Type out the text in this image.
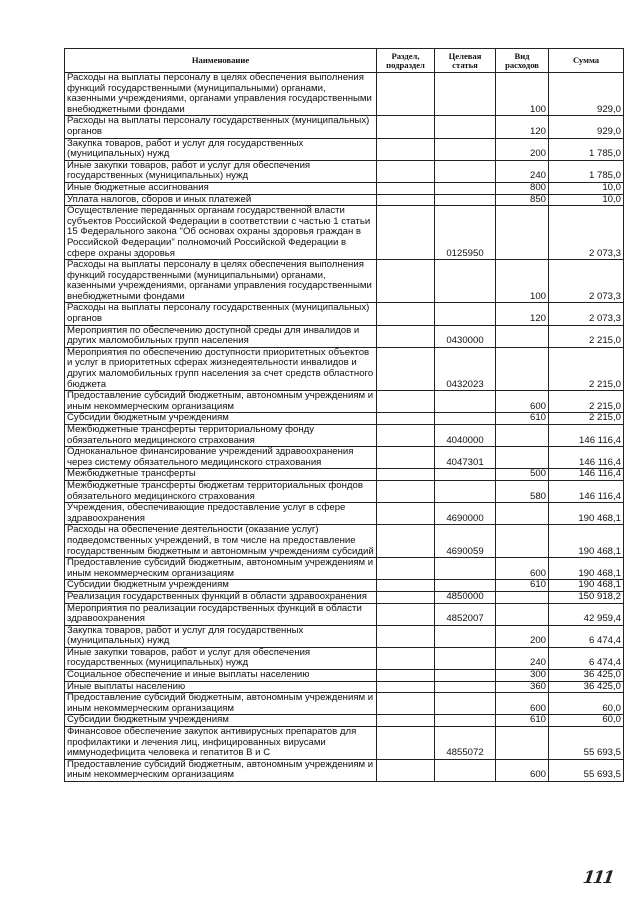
Наименование	Раздел, подраздел	Целевая статья	Вид расходов	Сумма
Расходы на выплаты персоналу в целях обеспечения выполнения функций государственными (муниципальными) органами, казенными учреждениями, органами управления государственными внебюджетными фондами			100	929,0
Расходы на выплаты персоналу государственных (муниципальных) органов			120	929,0
Закупка товаров, работ и услуг для государственных (муниципальных) нужд			200	1 785,0
Иные закупки товаров, работ и услуг для обеспечения государственных (муниципальных) нужд			240	1 785,0
Иные бюджетные ассигнования			800	10,0
Уплата налогов, сборов и иных платежей			850	10,0
Осуществление переданных органам государственной власти субъектов Российской Федерации в соответствии с частью 1 статьи 15 Федерального закона "Об основах охраны здоровья граждан в Российской Федерации" полномочий Российской Федерации в сфере охраны здоровья		0125950		2 073,3
Расходы на выплаты персоналу в целях обеспечения выполнения функций государственными (муниципальными) органами, казенными учреждениями, органами управления государственными внебюджетными фондами			100	2 073,3
Расходы на выплаты персоналу государственных (муниципальных) органов			120	2 073,3
Мероприятия по обеспечению доступной среды для инвалидов и других маломобильных групп населения		0430000		2 215,0
Мероприятия по обеспечению доступности приоритетных объектов и услуг в приоритетных сферах жизнедеятельности инвалидов и других маломобильных групп населения за счет средств областного бюджета		0432023		2 215,0
Предоставление субсидий бюджетным, автономным учреждениям и иным некоммерческим организациям			600	2 215,0
Субсидии бюджетным учреждениям			610	2 215,0
Межбюджетные трансферты территориальному фонду обязательного медицинского страхования		4040000		146 116,4
Одноканальное финансирование учреждений здравоохранения через систему обязательного медицинского страхования		4047301		146 116,4
Межбюджетные трансферты			500	146 116,4
Межбюджетные трансферты бюджетам территориальных фондов обязательного медицинского страхования			580	146 116,4
Учреждения, обеспечивающие предоставление услуг в сфере здравоохранения		4690000		190 468,1
Расходы на обеспечение деятельности (оказание услуг) подведомственных учреждений, в том числе на предоставление государственным бюджетным и автономным учреждениям субсидий		4690059		190 468,1
Предоставление субсидий бюджетным, автономным учреждениям и иным некоммерческим организациям			600	190 468,1
Субсидии бюджетным учреждениям			610	190 468,1
Реализация государственных функций в области здравоохранения		4850000		150 918,2
Мероприятия по реализации государственных функций в области здравоохранения		4852007		42 959,4
Закупка товаров, работ и услуг для государственных (муниципальных) нужд			200	6 474,4
Иные закупки товаров, работ и услуг для обеспечения государственных (муниципальных) нужд			240	6 474,4
Социальное обеспечение и иные выплаты населению			300	36 425,0
Иные выплаты населению			360	36 425,0
Предоставление субсидий бюджетным, автономным учреждениям и иным некоммерческим организациям			600	60,0
Субсидии бюджетным учреждениям			610	60,0
Финансовое обеспечение закупок антивирусных препаратов для профилактики и лечения лиц, инфицированных вирусами иммунодефицита человека и гепатитов В и С		4855072		55 693,5
Предоставление субсидий бюджетным, автономным учреждениям и иным некоммерческим организациям			600	55 693,5
111
